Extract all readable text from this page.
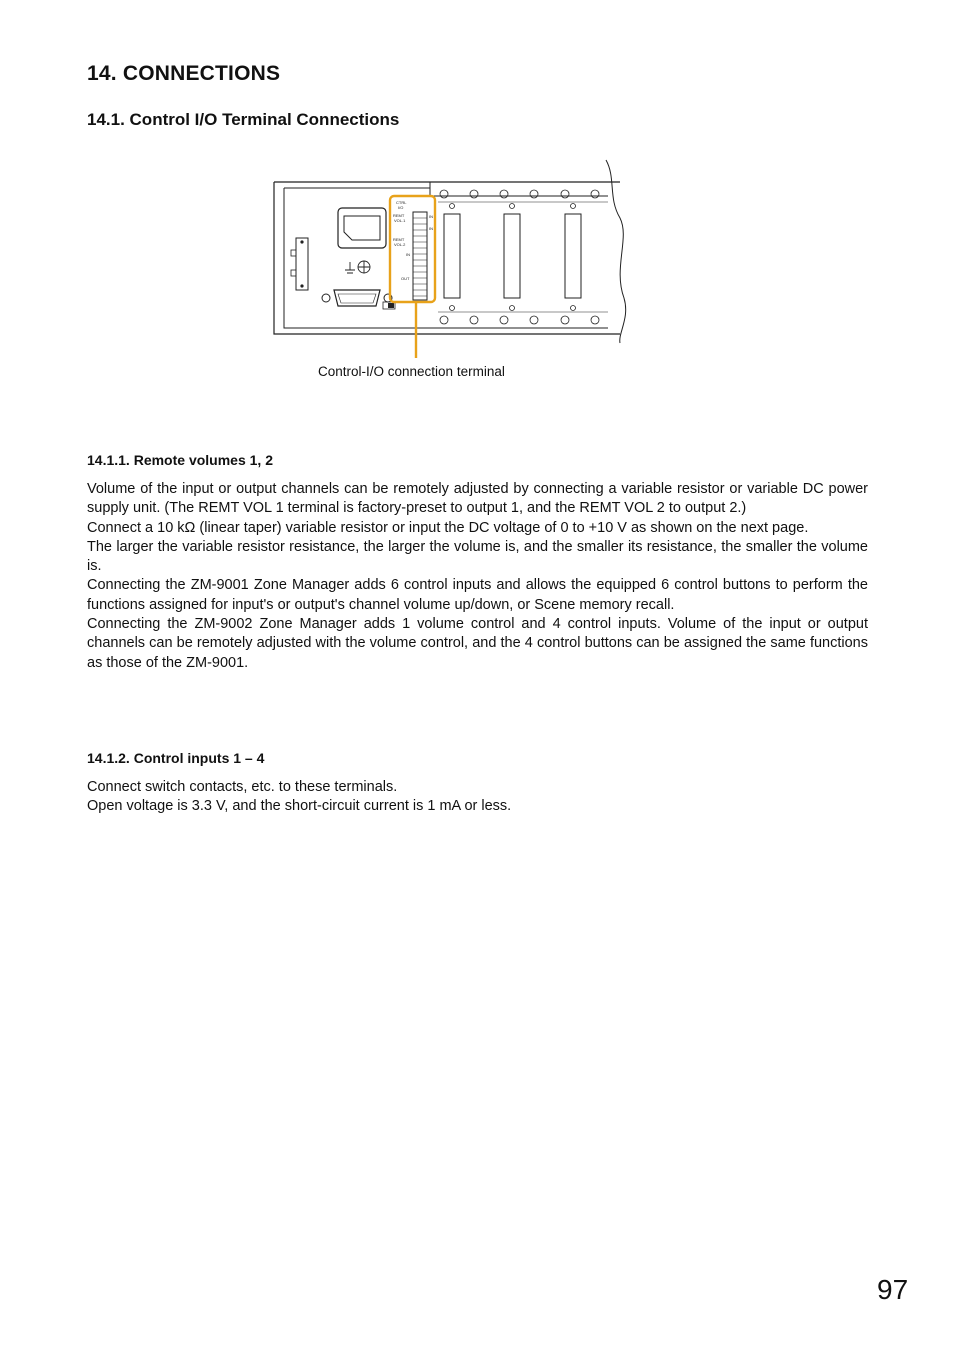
14. CONNECTIONS
14.1. Control I/O Terminal Connections
CTRL
I/O
REMT
VOL.1
REMT
VOL.2
IN
OUT
IN
IN

Control-I/O connection terminal

14.1.1. Remote volumes 1, 2

Volume of the input or output channels can be remotely adjusted by connecting a variable resistor or variable DC power supply unit. (The REMT VOL 1 terminal is factory-preset to output 1, and the REMT VOL 2 to output 2.)

Connect a 10 kΩ (linear taper) variable resistor or input the DC voltage of 0 to +10 V as shown on the next page.

The larger the variable resistor resistance, the larger the volume is, and the smaller its resistance, the smaller the volume is.

Connecting the ZM-9001 Zone Manager adds 6 control inputs and allows the equipped 6 control buttons to perform the functions assigned for input's or output's channel volume up/down, or Scene memory recall.

Connecting the ZM-9002 Zone Manager adds 1 volume control and 4 control inputs. Volume of the input or output channels can be remotely adjusted with the volume control, and the 4 control buttons can be assigned the same functions as those of the ZM-9001.

14.1.2. Control inputs 1 – 4

Connect switch contacts, etc. to these terminals.

Open voltage is 3.3 V, and the short-circuit current is 1 mA or less.

97
